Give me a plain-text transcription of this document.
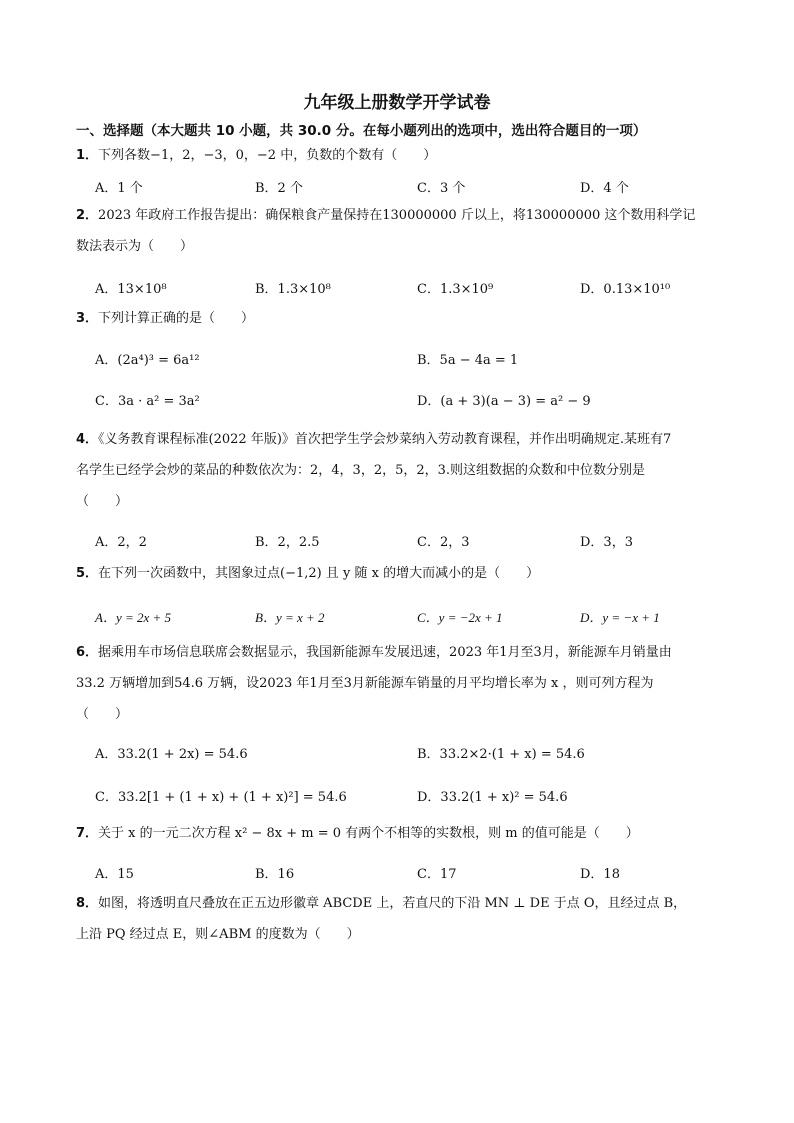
九年级上册数学开学试卷
一、选择题（本大题共 10 小题，共 30.0 分。在每小题列出的选项中，选出符合题目的一项）
1．下列各数−1，2，−3，0，−2 中，负数的个数有（　　）
A．1 个	B．2 个	C．3 个	D．4 个
2．2023 年政府工作报告提出：确保粮食产量保持在130000000 斤以上，将130000000 这个数用科学记
数法表示为（　　）
A．13×10⁸	B．1.3×10⁸	C．1.3×10⁹	D．0.13×10¹⁰
3．下列计算正确的是（　　）
A．(2a⁴)³ = 6a¹²	B．5a − 4a = 1
C．3a · a² = 3a²	D．(a + 3)(a − 3) = a² − 9
4．《义务教育课程标准(2022 年版)》首次把学生学会炒菜纳入劳动教育课程，并作出明确规定.某班有7
名学生已经学会炒的菜品的种数依次为：2，4，3，2，5，2，3.则这组数据的众数和中位数分别是
（　　）
A．2，2	B．2，2.5	C．2，3	D．3，3
5．在下列一次函数中，其图象过点(−1,2) 且 y 随 x 的增大而减小的是（　　）
A．y = 2x + 5	B．y = x + 2	C．y = −2x + 1	D．y = −x + 1
6．据乘用车市场信息联席会数据显示，我国新能源车发展迅速，2023 年1月至3月，新能源车月销量由
33.2 万辆增加到54.6 万辆，设2023 年1月至3月新能源车销量的月平均增长率为 x ，则可列方程为
（　　）
A．33.2(1 + 2x) = 54.6	B．33.2×2·(1 + x) = 54.6
C．33.2[1 + (1 + x) + (1 + x)²] = 54.6	D．33.2(1 + x)² = 54.6
7．关于 x 的一元二次方程 x² − 8x + m = 0 有两个不相等的实数根，则 m 的值可能是（　　）
A．15	B．16	C．17	D．18
8．如图，将透明直尺叠放在正五边形徽章 ABCDE 上，若直尺的下沿 MN ⊥ DE 于点 O，且经过点 B，
上沿 PQ 经过点 E，则∠ABM 的度数为（　　）
